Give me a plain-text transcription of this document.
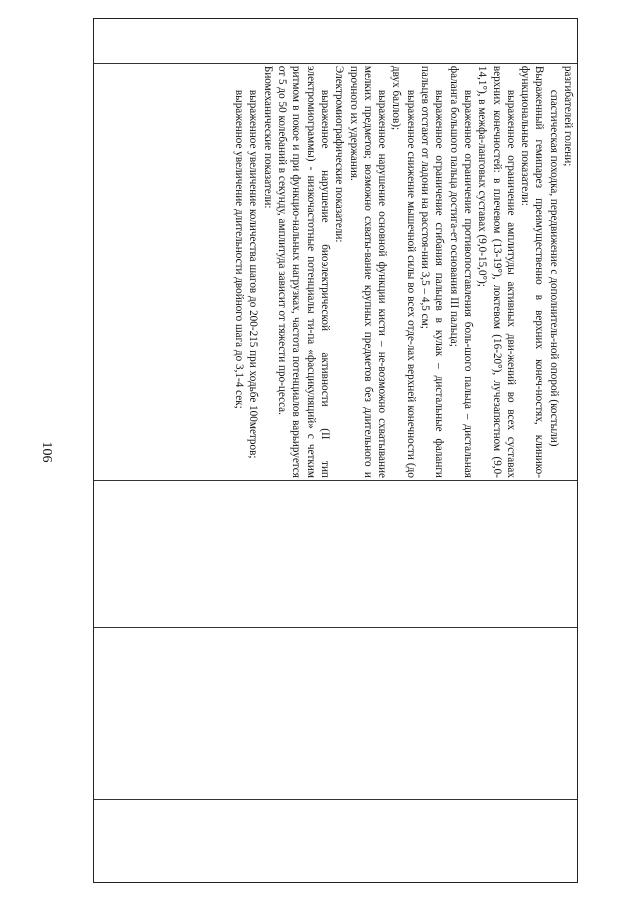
106

разгибателей голени;

спастическая походка, передвижение с дополнитель-ной опорой (костыли)

Выраженный гемипарез преимущественно в верхних конеч-ностях, клинико-функциональные показатели:

выраженное ограничение амплитуды активных дви-жений во всех суставах верхних конечностей: в плечевом (13-19°), локтевом (16-20°), лучезапястном (9,0-14,1°), в межфа-ланговых суставах (9,0-15,0°);

выраженное ограничение противопоставления боль-шого пальца – дистальная фаланга большого пальца достига-ет основания III пальца;

выраженное ограничение сгибания пальцев в кулак – дистальные фаланги пальцев отстают от ладони на расстоя-нии 3,5 – 4,5 см;

выраженное снижение мышечной силы во всех отде-лах верхней конечности (до двух баллов);

выраженное нарушение основной функции кисти – не-возможно схватывание мелких предметов; возможно схваты-вание крупных предметов без длительного и прочного их удержания.

Электромиографические показатели:

выраженное нарушение биоэлектрической активности (II тип электромиограммы) - низкочастотные потенциалы ти-па «фасцикуляций» с четким ритмом в покое и при функцио-нальных нагрузках, частота потенциалов варьируется от 5 до 50 колебаний в секунду, амплитуда зависит от тяжести про-цесса.

Биомеханические показатели:

выраженное увеличение количества шагов до 200-215 при ходьбе 100метров;

выраженное увеличение длительности двойного шага до 3,1-4 сек;
